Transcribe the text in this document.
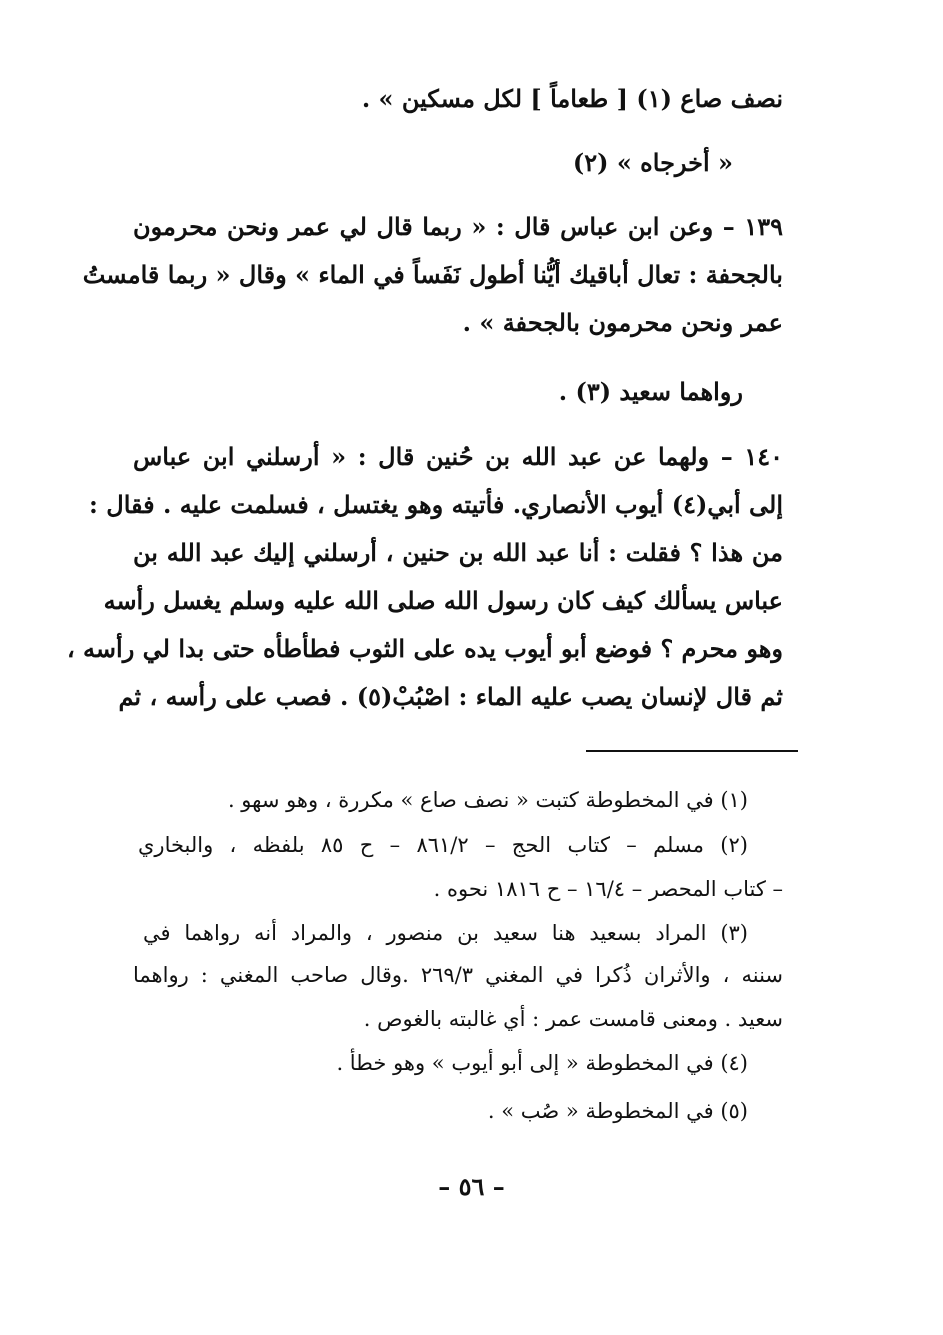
نصف صاع (١) [ طعاماً ] لكل مسكين » .
« أخرجاه » (٢)
١٣٩ – وعن ابن عباس قال : « ربما قال لي عمر ونحن محرمون
بالجحفة : تعال أباقيك أيُّنا أطول نَفَساً في الماء » وقال « ربما قامستُ
عمر ونحن محرمون بالجحفة » .
رواهما سعيد (٣) .
١٤٠ – ولهما عن عبد الله بن حُنين قال : « أرسلني ابن عباس
إلى أبي(٤) أيوب الأنصاري. فأتيته وهو يغتسل ، فسلمت عليه . فقال :
من هذا ؟ فقلت : أنا عبد الله بن حنين ، أرسلني إليك عبد الله بن
عباس يسألك كيف كان رسول الله صلى الله عليه وسلم يغسل رأسه
وهو محرم ؟ فوضع أبو أيوب يده على الثوب فطأطأه حتى بدا لي رأسه ،
ثم قال لإنسان يصب عليه الماء : اصْبُبْ(٥) . فصب على رأسه ، ثم
(١) في المخطوطة كتبت « نصف صاع » مكررة ، وهو سهو .
(٢) مسلم – كتاب الحج – ٨٦١/٢ – ح ٨٥ بلفظه ، والبخاري
– كتاب المحصر – ١٦/٤ – ح ١٨١٦ نحوه .
(٣) المراد بسعيد هنا سعيد بن منصور ، والمراد أنه رواهما في
سننه ، والأثران ذُكرا في المغني ٢٦٩/٣ .وقال صاحب المغني : رواهما
سعيد . ومعنى قامست عمر : أي غالبته بالغوص .
(٤) في المخطوطة « إلى أبو أيوب » وهو خطأ .
(٥) في المخطوطة « صُب » .
– ٥٦ –
